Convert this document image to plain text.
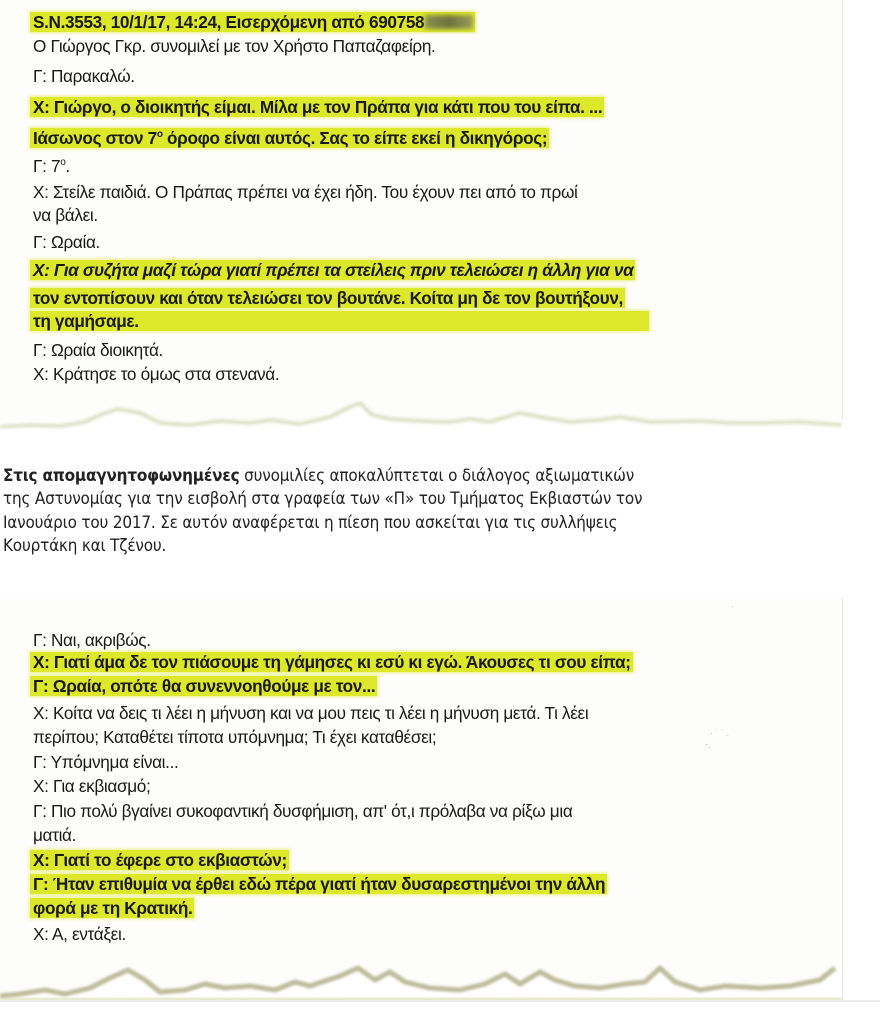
S.N.3553, 10/1/17, 14:24, Εισερχόμενη από 690758
Ο Γιώργος Γκρ. συνομιλεί με τον Χρήστο Παπαζαφείρη.
Γ: Παρακαλώ.
Χ: Γιώργο, ο διοικητής είμαι. Μίλα με τον Πράπα για κάτι που του είπα. ...
Ιάσωνος στον $7^o$ όροφο είναι αυτός. Σας το είπε εκεί η δικηγόρος;
Γ: $7^o$.
Χ: Στείλε παιδιά. Ο Πράπας πρέπει να έχει ήδη. Του έχουν πει από το πρωί
να βάλει.
Γ: Ωραία.
Χ: Για συζήτα μαζί τώρα γιατί πρέπει τα στείλεις πριν τελειώσει η άλλη για να
τον εντοπίσουν και όταν τελειώσει τον βουτάνε. Κοίτα μη δε τον βουτήξουν,
τη γαμήσαμε.
Γ: Ωραία διοικητά.
Χ: Κράτησε το όμως στα στενανά.
Στις απομαγνητοφωνημένες συνομιλίες αποκαλύπτεται ο διάλογος αξιωματικών
της Αστυνομίας για την εισβολή στα γραφεία των «Π» του Τμήματος Εκβιαστών τον
Ιανουάριο του 2017. Σε αυτόν αναφέρεται η πίεση που ασκείται για τις συλλήψεις
Κουρτάκη και Τζένου.
Γ: Ναι, ακριβώς.
Χ: Γιατί άμα δε τον πιάσουμε τη γάμησες κι εσύ κι εγώ. Άκουσες τι σου είπα;
Γ: Ωραία, οπότε θα συνεννοηθούμε με τον...
Χ: Κοίτα να δεις τι λέει η μήνυση και να μου πεις τι λέει η μήνυση μετά. Τι λέει
περίπου; Καταθέτει τίποτα υπόμνημα; Τι έχει καταθέσει;
Γ: Υπόμνημα είναι...
Χ: Για εκβιασμό;
Γ: Πιο πολύ βγαίνει συκοφαντική δυσφήμιση, απ' ότ,ι πρόλαβα να ρίξω μια
ματιά.
Χ: Γιατί το έφερε στο εκβιαστών;
Γ: Ήταν επιθυμία να έρθει εδώ πέρα γιατί ήταν δυσαρεστημένοι την άλλη
φορά με τη Κρατική.
Χ: Α, εντάξει.
ˋ
· ˙ ˙ .
ˉ·
